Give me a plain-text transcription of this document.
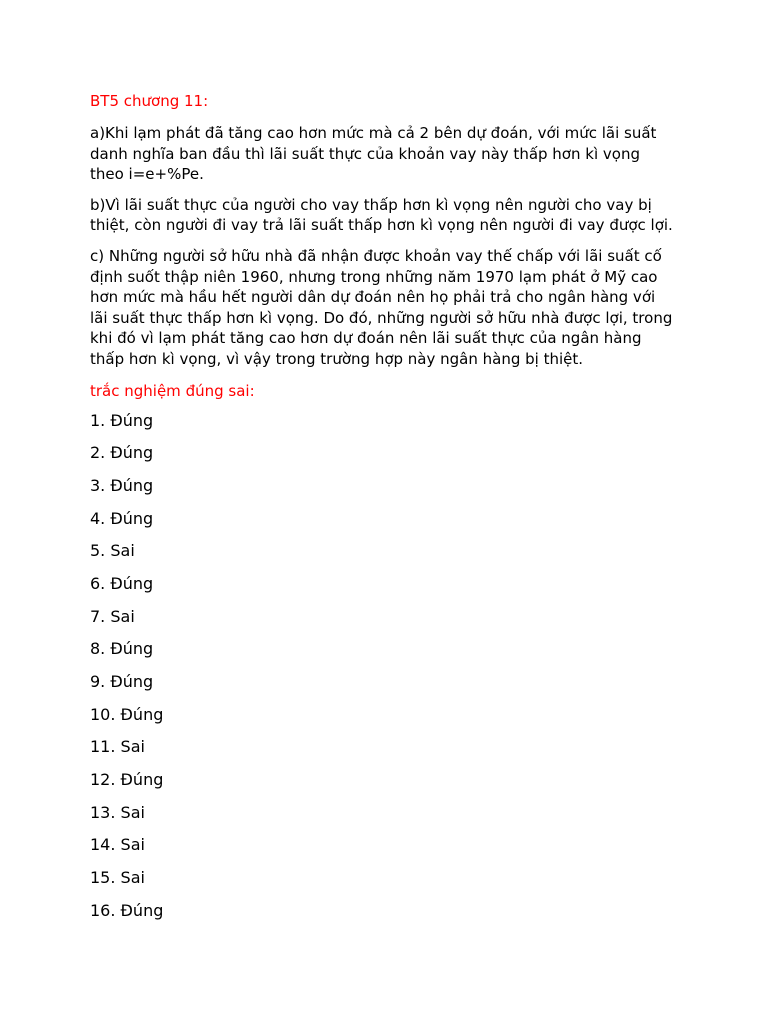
BT5 chương 11:
a)Khi lạm phát đã tăng cao hơn mức mà cả 2 bên dự đoán, với mức lãi suất
danh nghĩa ban đầu thì lãi suất thực của khoản vay này thấp hơn kì vọng
theo i=e+%Pe.
b)Vì lãi suất thực của người cho vay thấp hơn kì vọng nên người cho vay bị
thiệt, còn người đi vay trả lãi suất thấp hơn kì vọng nên người đi vay được lợi.
c) Những người sở hữu nhà đã nhận được khoản vay thế chấp với lãi suất cố
định suốt thập niên 1960, nhưng trong những năm 1970 lạm phát ở Mỹ cao
hơn mức mà hầu hết người dân dự đoán nên họ phải trả cho ngân hàng với
lãi suất thực thấp hơn kì vọng. Do đó, những người sở hữu nhà được lợi, trong
khi đó vì lạm phát tăng cao hơn dự đoán nên lãi suất thực của ngân hàng
thấp hơn kì vọng, vì vậy trong trường hợp này ngân hàng bị thiệt.
trắc nghiệm đúng sai:
1. Đúng
2. Đúng
3. Đúng
4. Đúng
5. Sai
6. Đúng
7. Sai
8. Đúng
9. Đúng
10. Đúng
11. Sai
12. Đúng
13. Sai
14. Sai
15. Sai
16. Đúng
